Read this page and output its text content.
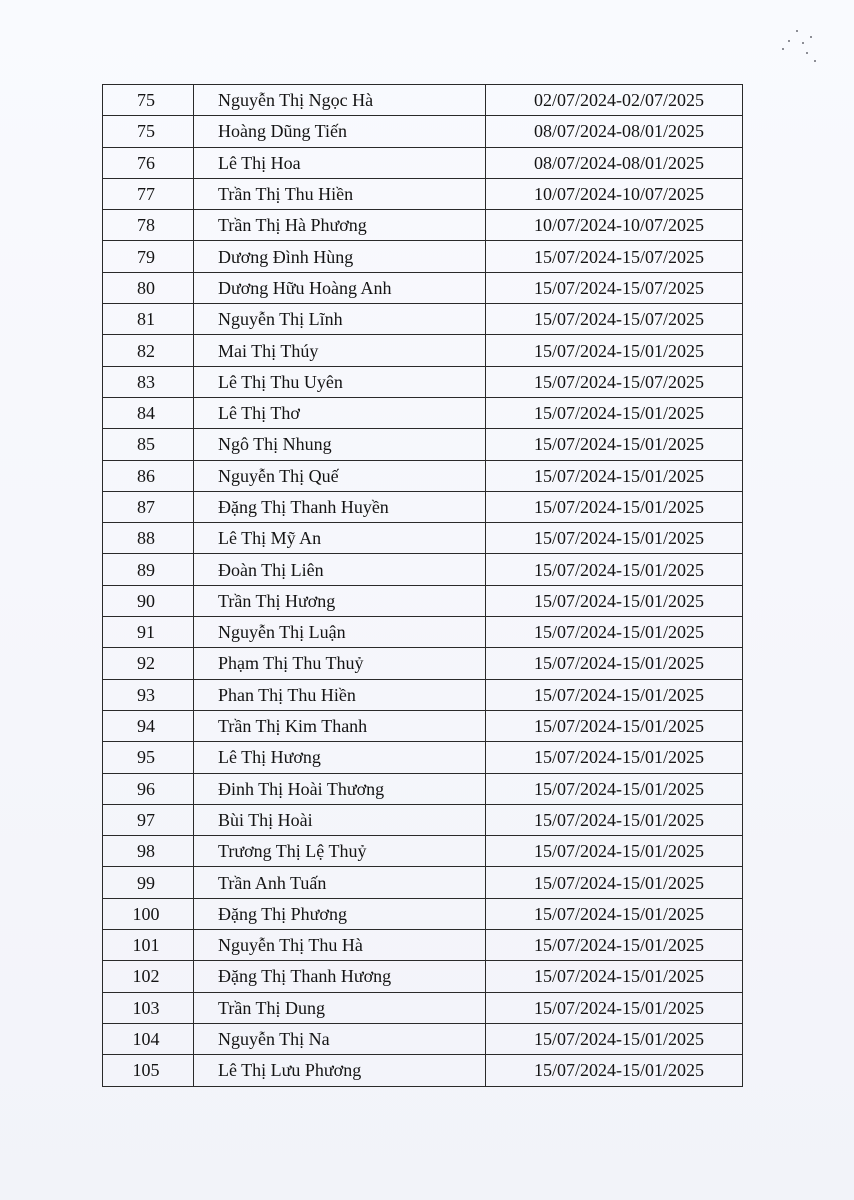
75	Nguyễn Thị Ngọc Hà	02/07/2024-02/07/2025
75	Hoàng Dũng Tiến	08/07/2024-08/01/2025
76	Lê Thị Hoa	08/07/2024-08/01/2025
77	Trần Thị Thu Hiền	10/07/2024-10/07/2025
78	Trần Thị Hà Phương	10/07/2024-10/07/2025
79	Dương Đình Hùng	15/07/2024-15/07/2025
80	Dương Hữu Hoàng Anh	15/07/2024-15/07/2025
81	Nguyễn Thị Lĩnh	15/07/2024-15/07/2025
82	Mai Thị Thúy	15/07/2024-15/01/2025
83	Lê Thị Thu Uyên	15/07/2024-15/07/2025
84	Lê Thị Thơ	15/07/2024-15/01/2025
85	Ngô Thị Nhung	15/07/2024-15/01/2025
86	Nguyễn Thị Quế	15/07/2024-15/01/2025
87	Đặng Thị Thanh Huyền	15/07/2024-15/01/2025
88	Lê Thị Mỹ An	15/07/2024-15/01/2025
89	Đoàn Thị Liên	15/07/2024-15/01/2025
90	Trần Thị Hương	15/07/2024-15/01/2025
91	Nguyễn Thị Luận	15/07/2024-15/01/2025
92	Phạm Thị Thu Thuỷ	15/07/2024-15/01/2025
93	Phan Thị Thu Hiền	15/07/2024-15/01/2025
94	Trần Thị Kim Thanh	15/07/2024-15/01/2025
95	Lê Thị Hương	15/07/2024-15/01/2025
96	Đinh Thị Hoài Thương	15/07/2024-15/01/2025
97	Bùi Thị Hoài	15/07/2024-15/01/2025
98	Trương Thị Lệ Thuỷ	15/07/2024-15/01/2025
99	Trần Anh Tuấn	15/07/2024-15/01/2025
100	Đặng Thị Phương	15/07/2024-15/01/2025
101	Nguyễn Thị Thu Hà	15/07/2024-15/01/2025
102	Đặng Thị Thanh Hương	15/07/2024-15/01/2025
103	Trần Thị Dung	15/07/2024-15/01/2025
104	Nguyễn Thị Na	15/07/2024-15/01/2025
105	Lê Thị Lưu Phương	15/07/2024-15/01/2025
